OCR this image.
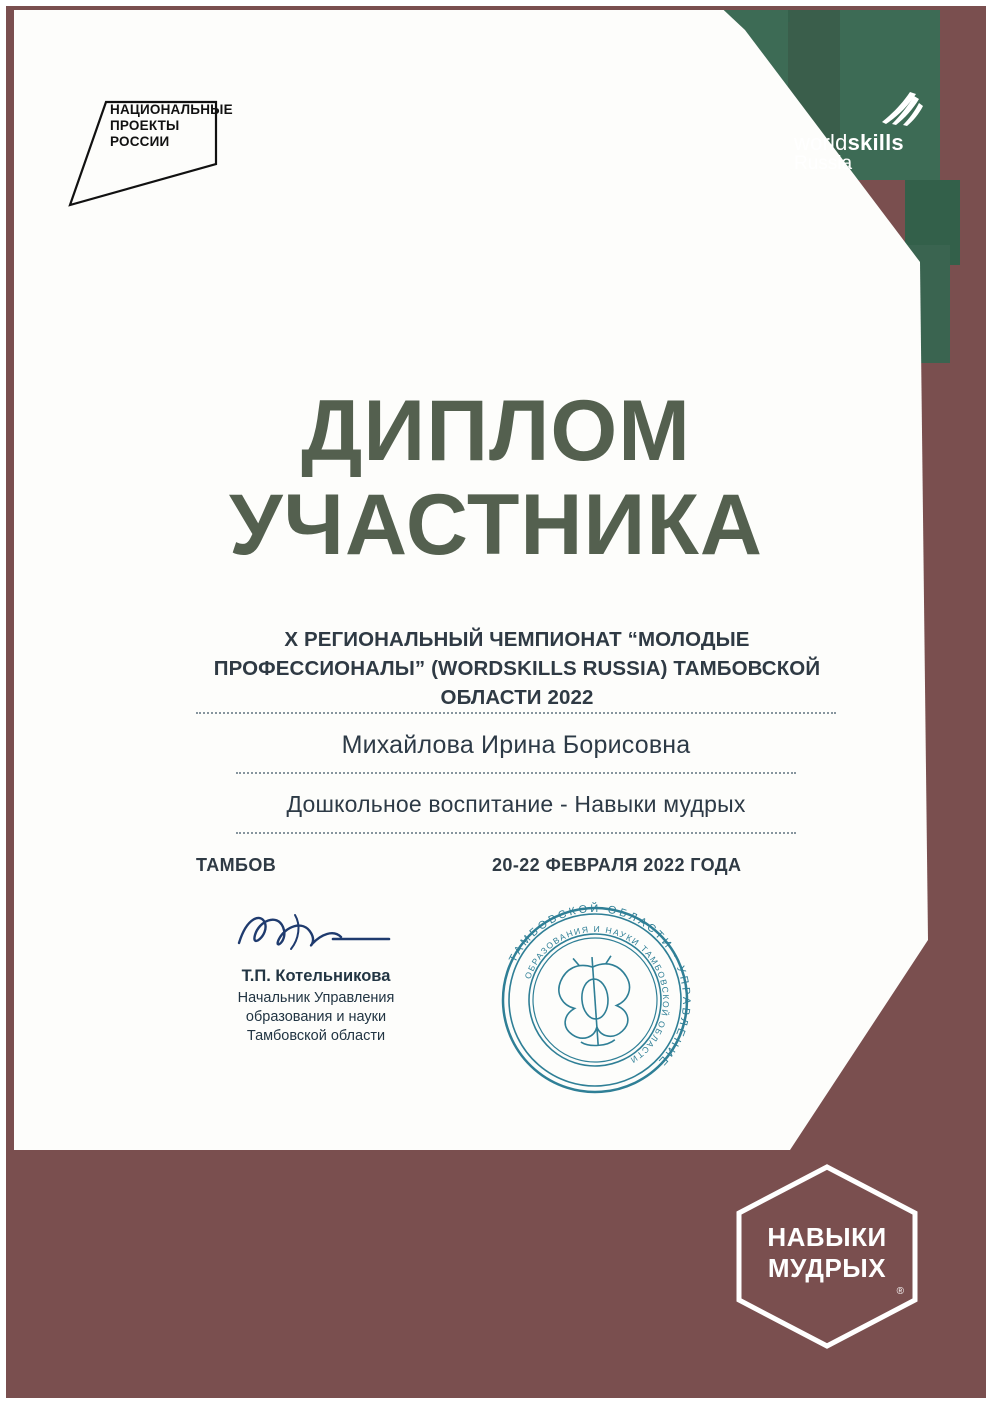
НАЦИОНАЛЬНЫЕ
ПРОЕКТЫ
РОССИИ	worldskills
Russia
ДИПЛОМ
УЧАСТНИКА
X РЕГИОНАЛЬНЫЙ ЧЕМПИОНАТ “МОЛОДЫЕ ПРОФЕССИОНАЛЫ” (WORDSKILLS RUSSIA) ТАМБОВСКОЙ ОБЛАСТИ 2022
Михайлова Ирина Борисовна
Дошкольное воспитание - Навыки мудрых
ТАМБОВ	20-22 ФЕВРАЛЯ 2022 ГОДА
Т.П. Котельникова
Начальник Управления
образования и науки
Тамбовской области
ТАМБОВСКОЙ ОБЛАСТИ · УПРАВЛЕНИЕ
ОБРАЗОВАНИЯ И НАУКИ ТАМБОВСКОЙ ОБЛАСТИ
НАВЫКИ
МУДРЫХ
®
